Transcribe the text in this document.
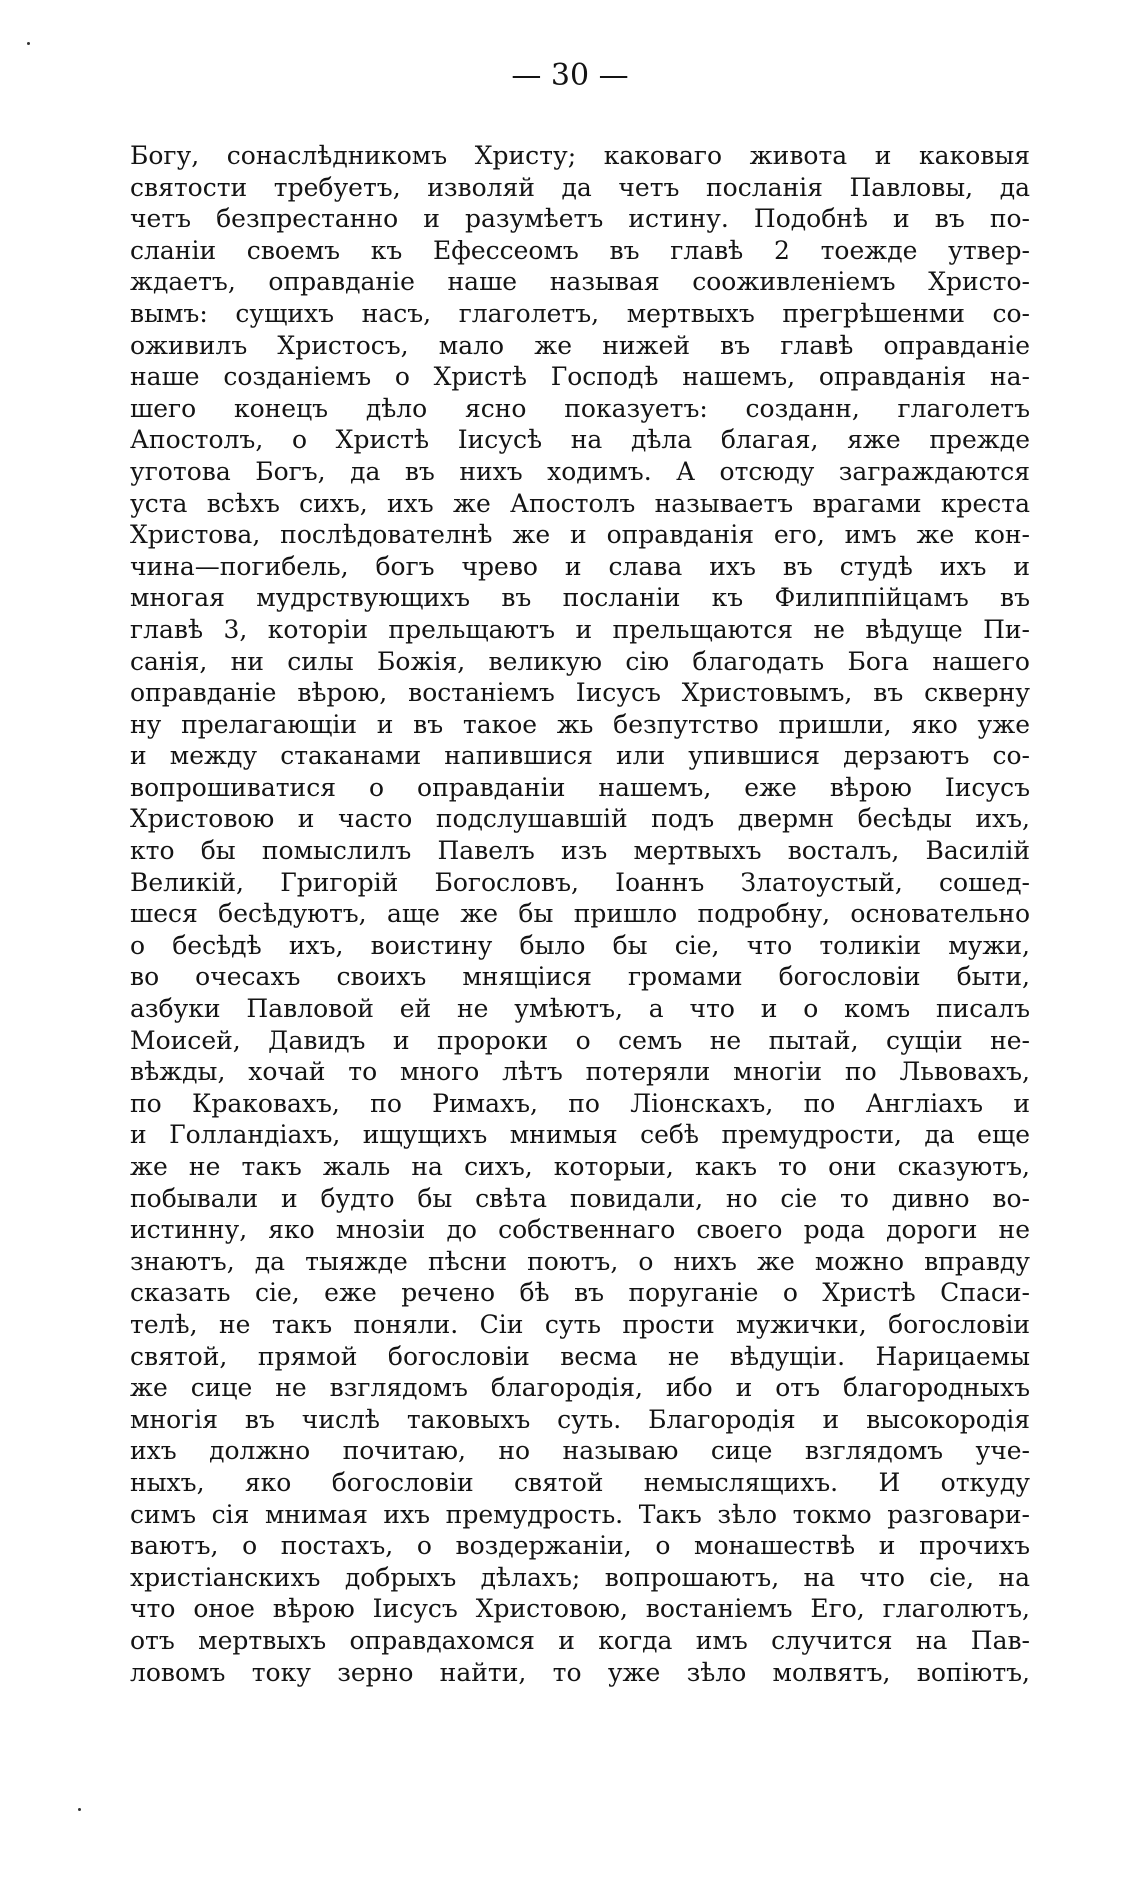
— 30 —
Богу, сонаслѣдникомъ Христу; каковаго живота и каковыя
святости требуетъ, изволяй да четъ посланія Павловы, да
четъ безпрестанно и разумѣетъ истину. Подобнѣ и въ по-
сланіи своемъ къ Ефессеомъ въ главѣ 2 тоежде утвер-
ждаетъ, оправданіе наше называя сооживленіемъ Христо-
вымъ: сущихъ насъ, глаголетъ, мертвыхъ прегрѣшенми со-
оживилъ Христосъ, мало же нижей въ главѣ оправданіе
наше созданіемъ о Христѣ Господѣ нашемъ, оправданія на-
шего конецъ дѣло ясно показуетъ: созданн, глаголетъ
Апостолъ, о Христѣ Іисусѣ на дѣла благая, яже прежде
уготова Богъ, да въ нихъ ходимъ. А отсюду заграждаются
уста всѣхъ сихъ, ихъ же Апостолъ называетъ врагами креста
Христова, послѣдователнѣ же и оправданія его, имъ же кон-
чина—погибель, богъ чрево и слава ихъ въ студѣ ихъ и
многая мудрствующихъ въ посланіи къ Филиппійцамъ въ
главѣ 3, которіи прельщаютъ и прельщаются не вѣдуще Пи-
санія, ни силы Божія, великую сію благодать Бога нашего
оправданіе вѣрою, востаніемъ Іисусъ Христовымъ, въ скверну
ну прелагающіи и въ такое жь безпутство пришли, яко уже
и между стаканами напившися или упившися дерзаютъ со-
вопрошиватися о оправданіи нашемъ, еже вѣрою Іисусъ
Христовою и часто подслушавшій подъ двермн бесѣды ихъ,
кто бы помыслилъ Павелъ изъ мертвыхъ восталъ, Василій
Великій, Григорій Богословъ, Іоаннъ Златоустый, сошед-
шеся бесѣдуютъ, аще же бы пришло подробну, основательно
о бесѣдѣ ихъ, воистину было бы сіе, что толикіи мужи,
во очесахъ своихъ мнящіися громами богословіи быти,
азбуки Павловой ей не умѣютъ, а что и о комъ писалъ
Моисей, Давидъ и пророки о семъ не пытай, сущіи не-
вѣжды, хочай то много лѣтъ потеряли многіи по Львовахъ,
по Краковахъ, по Римахъ, по Ліонскахъ, по Англіахъ и
и Голландіахъ, ищущихъ мнимыя себѣ премудрости, да еще
же не такъ жаль на сихъ, которыи, какъ то они сказуютъ,
побывали и будто бы свѣта повидали, но сіе то дивно во-
истинну, яко мнозіи до собственнаго своего рода дороги не
знаютъ, да тыяжде пѣсни поютъ, о нихъ же можно вправду
сказать сіе, еже речено бѣ въ поруганіе о Христѣ Спаси-
телѣ, не такъ поняли. Сіи суть прости мужички, богословіи
святой, прямой богословіи весма не вѣдущіи. Нарицаемы
же сице не взглядомъ благородія, ибо и отъ благородныхъ
многія въ числѣ таковыхъ суть. Благородія и высокородія
ихъ должно почитаю, но называю сице взглядомъ уче-
ныхъ, яко богословіи святой немыслящихъ. И откуду
симъ сія мнимая ихъ премудрость. Такъ зѣло токмо разговари-
ваютъ, о постахъ, о воздержаніи, о монашествѣ и прочихъ
христіанскихъ добрыхъ дѣлахъ; вопрошаютъ, на что сіе, на
что оное вѣрою Іисусъ Христовою, востаніемъ Его, глаголютъ,
отъ мертвыхъ оправдахомся и когда имъ случится на Пав-
ловомъ току зерно найти, то уже зѣло молвятъ, вопіютъ,
